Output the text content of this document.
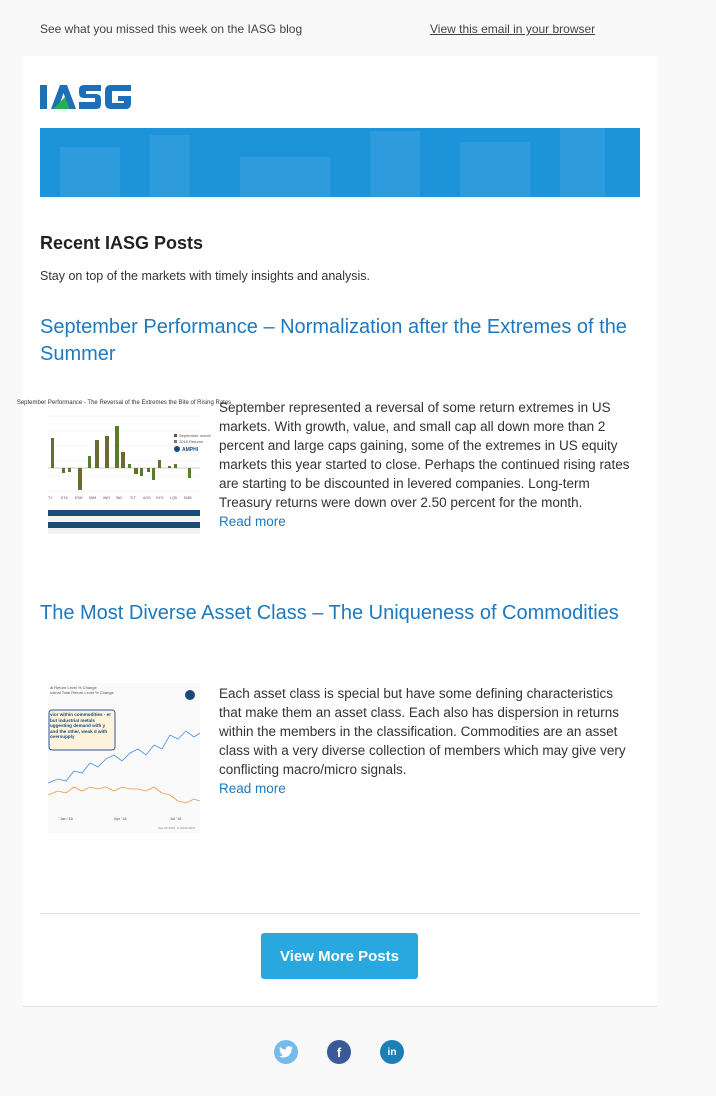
See what you missed this week on the IASG blog	View this email in your browser
IASG
Recent IASG Posts
Stay on top of the markets with timely insights and analysis.
September Performance – Normalization after the Extremes of the Summer
September Performance - The Reversal of the Extremes the Bite of Rising Rates
September month
2018 Returns
AMPHI
TY ETA ESM IWM IWO IWC TLT AGG HYG LQD EMB
September represented a reversal of some return extremes in US markets. With growth, value, and small cap all down more than 2 percent and large caps gaining, some of the extremes in US equity markets this year started to close. Perhaps the continued rising rates are starting to be discounted in levered companies. Long-term Treasury returns were down over 2.50 percent for the month.
Read more
The Most Diverse Asset Class – The Uniqueness of Commodities
al Return Level % Change
ustrial Total Return Level % Change
vior within commodities - er but industrial metals uggesting demand with y and the other, weak d with oversupply
Jan '18	Apr '18	Jul '18
Sep 25 2018, 11:09AM EDT
Each asset class is special but have some defining characteristics that make them an asset class. Each also has dispersion in returns within the members in the classification. Commodities are an asset class with a very diverse collection of members which may give very conflicting macro/micro signals.
Read more
View More Posts
f	in
